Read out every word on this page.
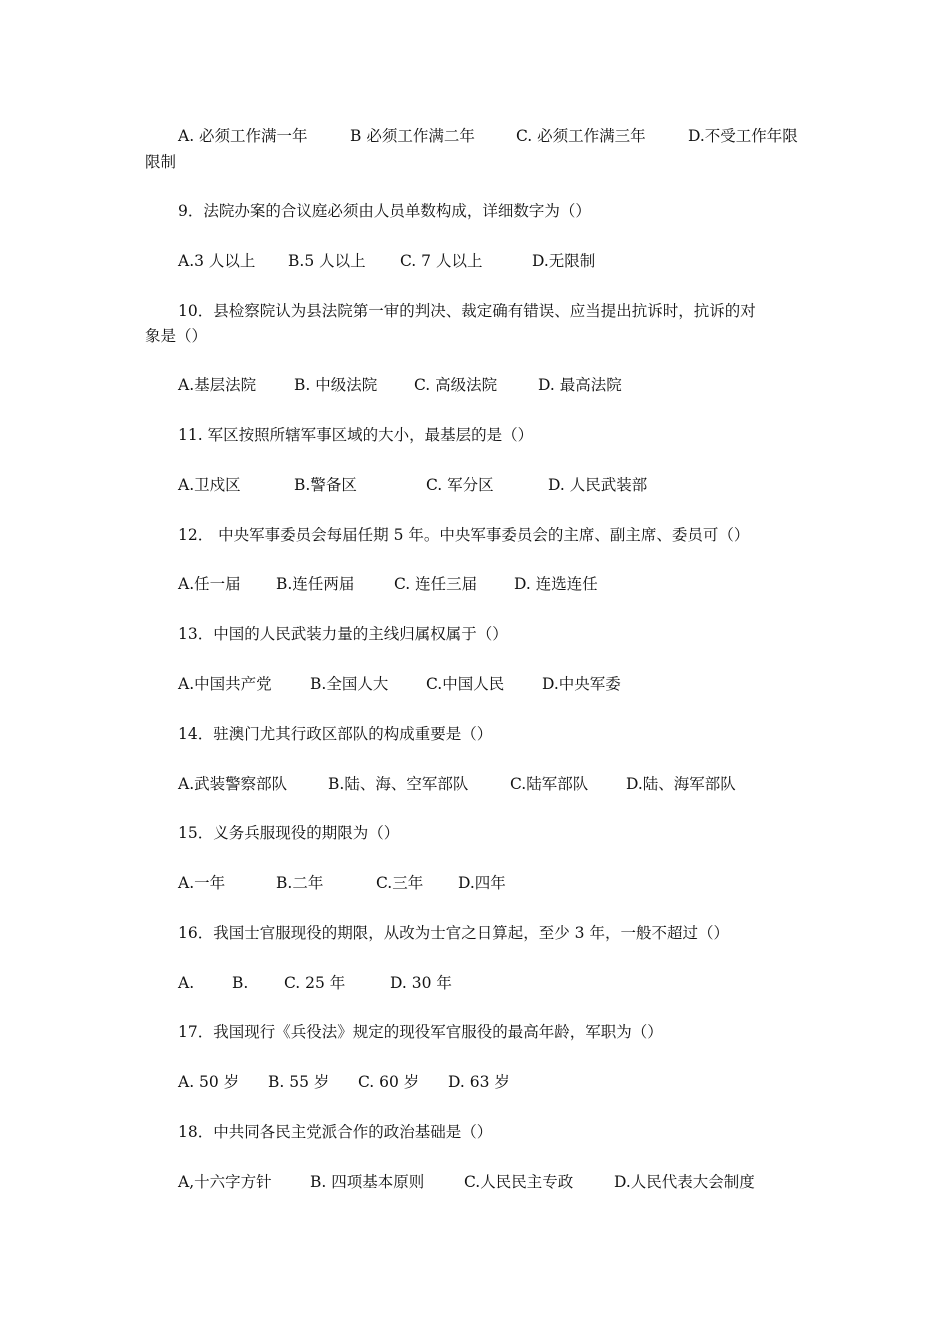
A. 必须工作满一年	B 必须工作满二年	C. 必须工作满三年	D.不受工作年限
限制
9．法院办案的合议庭必须由人员单数构成，详细数字为（）
A.3 人以上 B.5 人以上 C. 7 人以上	D.无限制
10．县检察院认为县法院第一审的判决、裁定确有错误、应当提出抗诉时，抗诉的对
象是（）
A.基层法院 B. 中级法院 C. 高级法院	D. 最高法院
11. 军区按照所辖军事区域的大小，最基层的是（）
A.卫戍区	B.警备区	C. 军分区	D. 人民武装部
12． 中央军事委员会每届任期 5 年。中央军事委员会的主席、副主席、委员可（）
A.任一届 B.连任两届	C. 连任三届 D. 连选连任
13．中国的人民武装力量的主线归属权属于（）
A.中国共产党 B.全国人大 C.中国人民 D.中央军委
14．驻澳门尤其行政区部队的构成重要是（）
A.武装警察部队	B.陆、海、空军部队	C.陆军部队 D.陆、海军部队
15．义务兵服现役的期限为（）
A.一年	B.二年	C.三年 D.四年
16．我国士官服现役的期限，从改为士官之日算起，至少 3 年，一般不超过（）
A. B. C. 25 年	D. 30 年
17．我国现行《兵役法》规定的现役军官服役的最高年龄，军职为（）
A. 50 岁 B. 55 岁 C. 60 岁 D. 63 岁
18．中共同各民主党派合作的政治基础是（）
A,十六字方针 B. 四项基本原则	C.人民民主专政	D.人民代表大会制度
